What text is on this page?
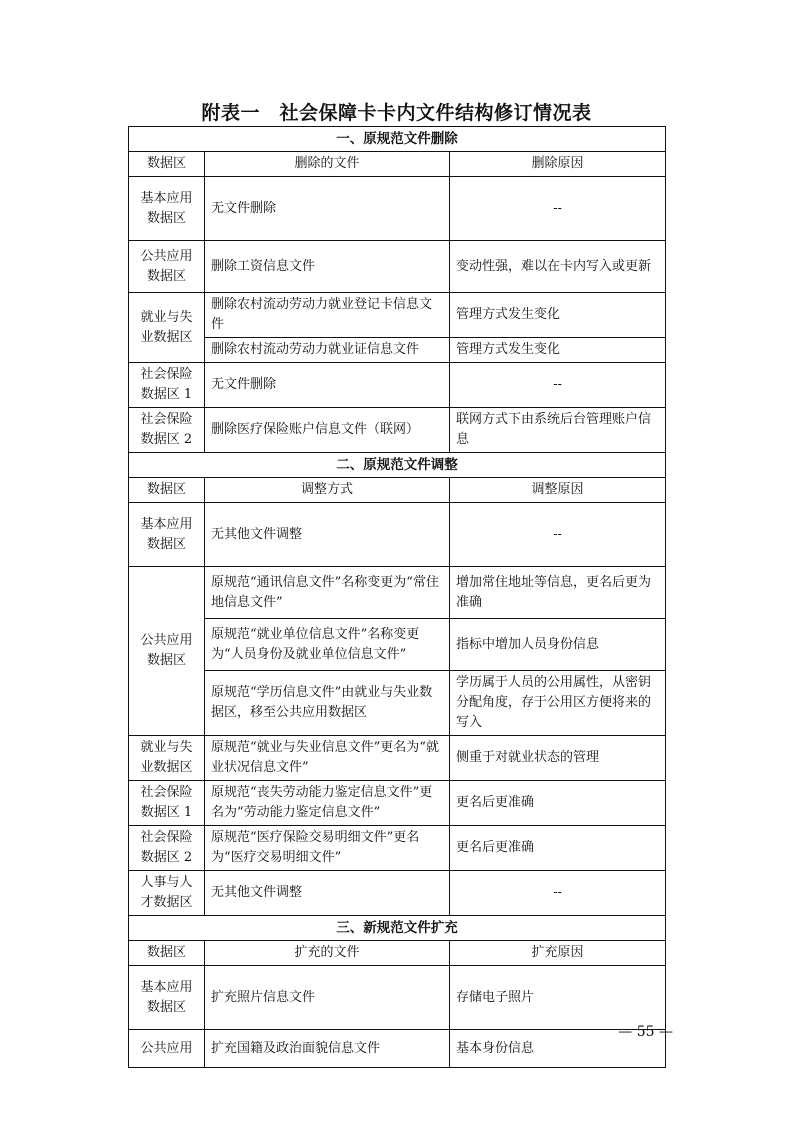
附表一　社会保障卡卡内文件结构修订情况表
一、原规范文件删除		
数据区	删除的文件	删除原因
基本应用数据区	无文件删除	--
公共应用数据区	删除工资信息文件	变动性强，难以在卡内写入或更新
就业与失业数据区	删除农村流动劳动力就业登记卡信息文件	管理方式发生变化
	删除农村流动劳动力就业证信息文件	管理方式发生变化
社会保险数据区 1	无文件删除	--
社会保险数据区 2	删除医疗保险账户信息文件（联网）	联网方式下由系统后台管理账户信息
二、原规范文件调整		
数据区	调整方式	调整原因
基本应用数据区	无其他文件调整	--
公共应用数据区	原规范“通讯信息文件”名称变更为“常住地信息文件”	增加常住地址等信息，更名后更为准确
	原规范“就业单位信息文件”名称变更为“人员身份及就业单位信息文件”	指标中增加人员身份信息
	原规范“学历信息文件”由就业与失业数据区，移至公共应用数据区	学历属于人员的公用属性，从密钥分配角度，存于公用区方便将来的写入
就业与失业数据区	原规范“就业与失业信息文件”更名为“就业状况信息文件”	侧重于对就业状态的管理
社会保险数据区 1	原规范“丧失劳动能力鉴定信息文件”更名为“劳动能力鉴定信息文件”	更名后更准确
社会保险数据区 2	原规范“医疗保险交易明细文件”更名为“医疗交易明细文件”	更名后更准确
人事与人才数据区	无其他文件调整	--
三、新规范文件扩充		
数据区	扩充的文件	扩充原因
基本应用数据区	扩充照片信息文件	存储电子照片
公共应用	扩充国籍及政治面貌信息文件	基本身份信息
— 55 —
